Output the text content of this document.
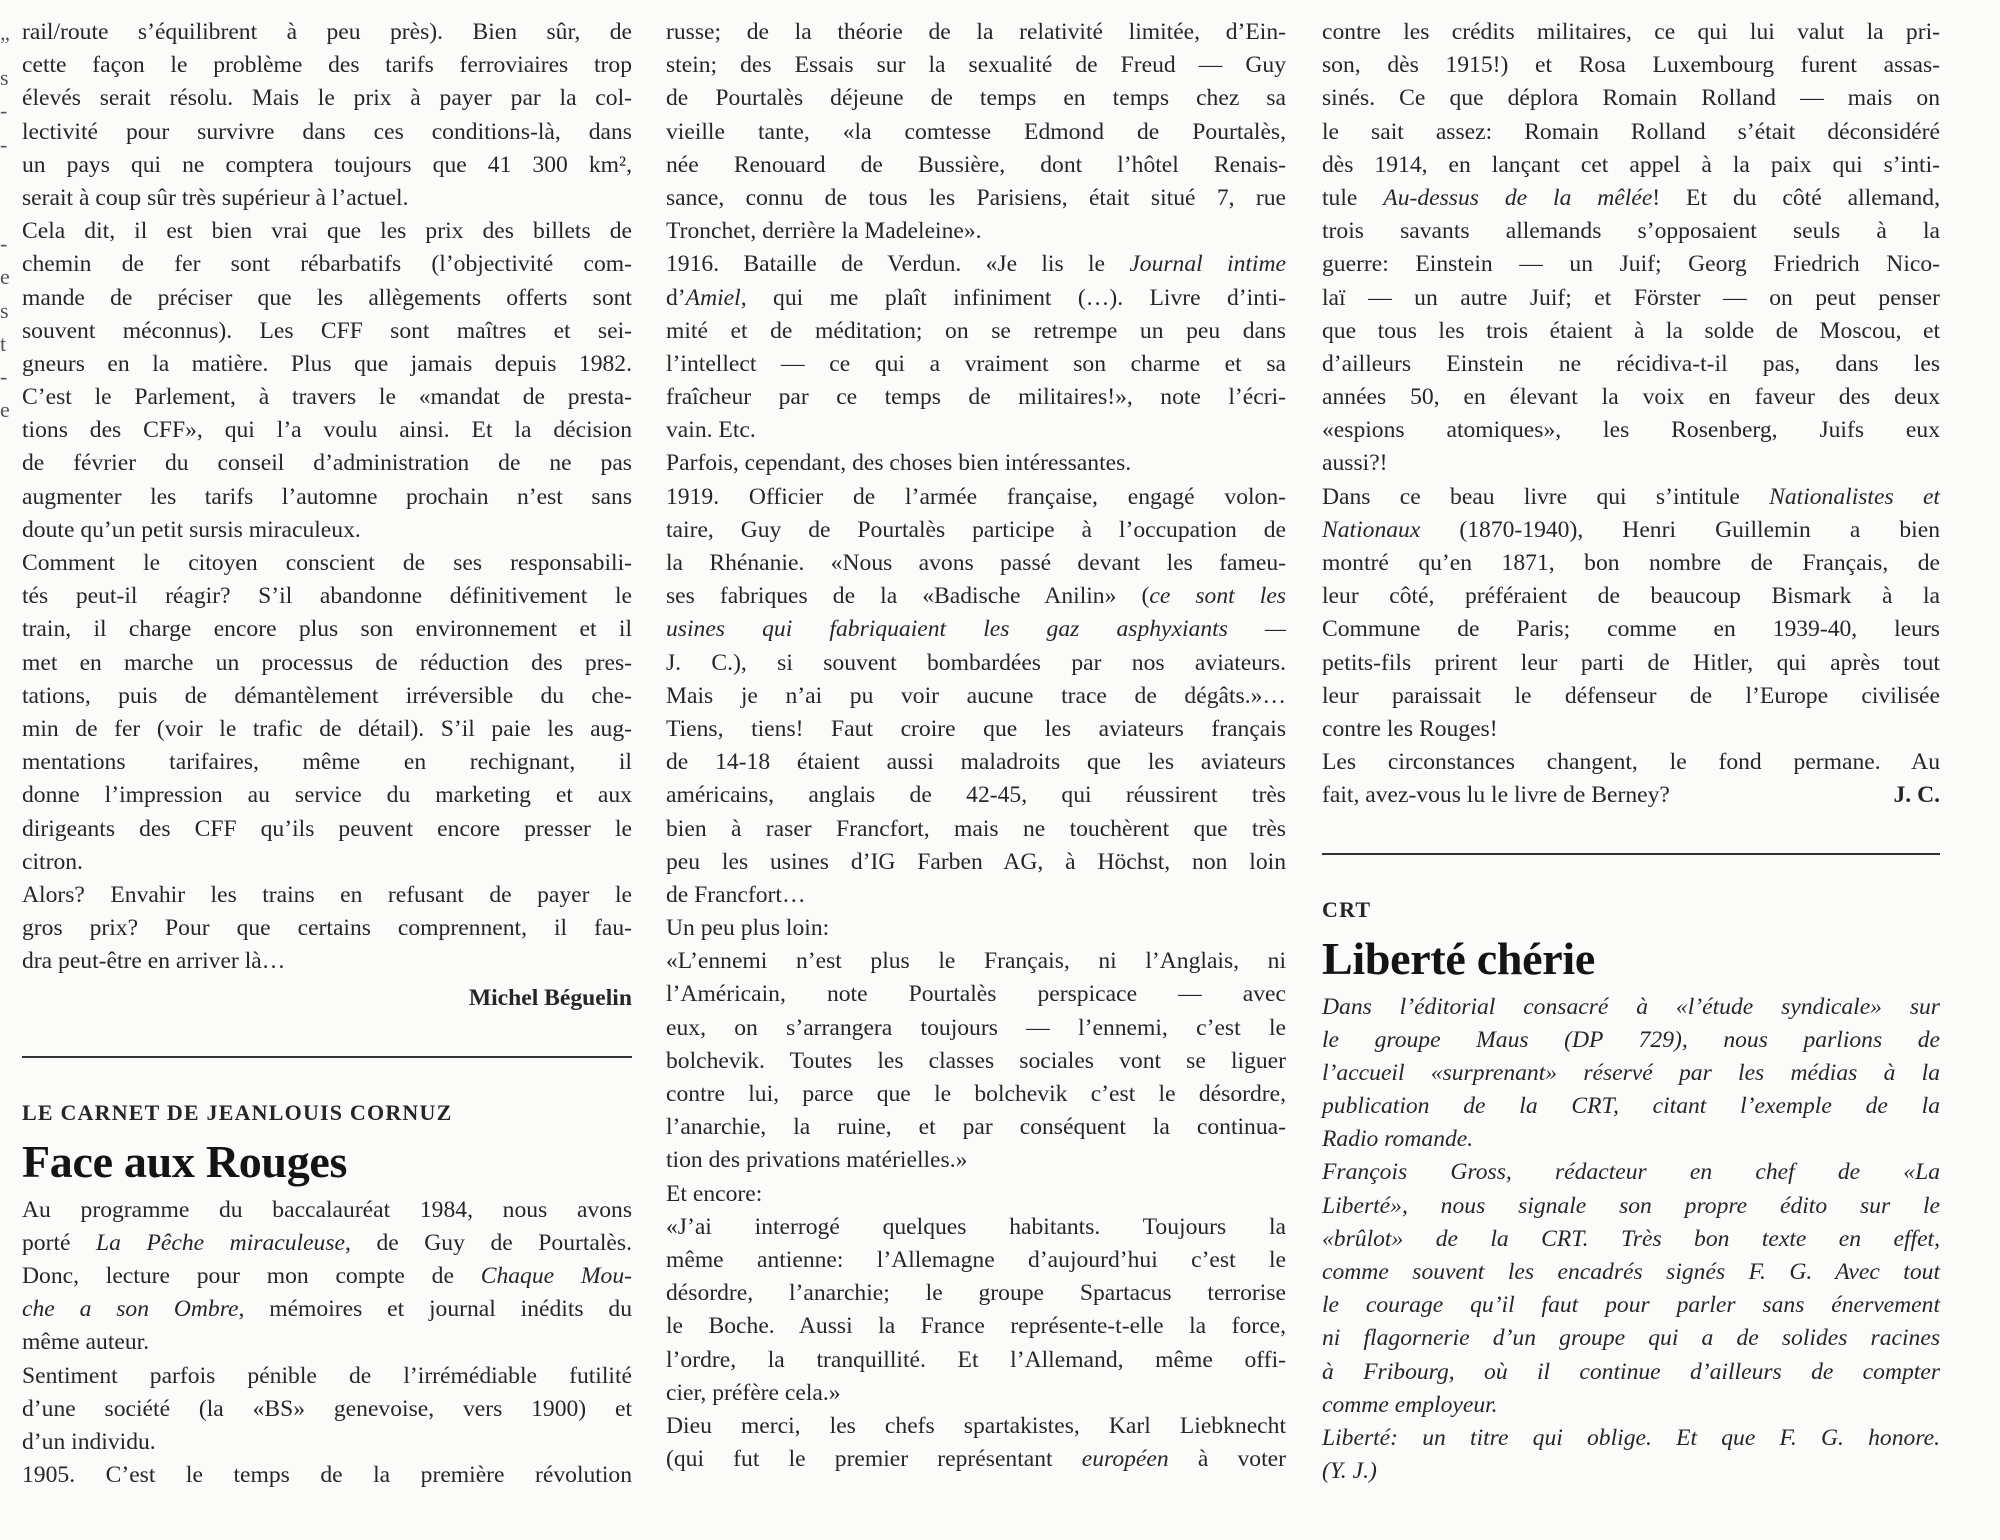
”
s
-
-
-
e
s
t
-
e
rail/route s’équilibrent à peu près). Bien sûr, de
cette façon le problème des tarifs ferroviaires trop
élevés serait résolu. Mais le prix à payer par la col-
lectivité pour survivre dans ces conditions-là, dans
un pays qui ne comptera toujours que 41 300 km²,
serait à coup sûr très supérieur à l’actuel.
Cela dit, il est bien vrai que les prix des billets de
chemin de fer sont rébarbatifs (l’objectivité com-
mande de préciser que les allègements offerts sont
souvent méconnus). Les CFF sont maîtres et sei-
gneurs en la matière. Plus que jamais depuis 1982.
C’est le Parlement, à travers le «mandat de presta-
tions des CFF», qui l’a voulu ainsi. Et la décision
de février du conseil d’administration de ne pas
augmenter les tarifs l’automne prochain n’est sans
doute qu’un petit sursis miraculeux.
Comment le citoyen conscient de ses responsabili-
tés peut-il réagir? S’il abandonne définitivement le
train, il charge encore plus son environnement et il
met en marche un processus de réduction des pres-
tations, puis de démantèlement irréversible du che-
min de fer (voir le trafic de détail). S’il paie les aug-
mentations tarifaires, même en rechignant, il
donne l’impression au service du marketing et aux
dirigeants des CFF qu’ils peuvent encore presser le
citron.
Alors? Envahir les trains en refusant de payer le
gros prix? Pour que certains comprennent, il fau-
dra peut-être en arriver là…
Michel Béguelin
LE CARNET DE JEANLOUIS CORNUZ
Face aux Rouges
Au programme du baccalauréat 1984, nous avons
porté La Pêche miraculeuse, de Guy de Pourtalès.
Donc, lecture pour mon compte de Chaque Mou-
che a son Ombre, mémoires et journal inédits du
même auteur.
Sentiment parfois pénible de l’irrémédiable futilité
d’une société (la «BS» genevoise, vers 1900) et
d’un individu.
1905. C’est le temps de la première révolution
russe; de la théorie de la relativité limitée, d’Ein-
stein; des Essais sur la sexualité de Freud — Guy
de Pourtalès déjeune de temps en temps chez sa
vieille tante, «la comtesse Edmond de Pourtalès,
née Renouard de Bussière, dont l’hôtel Renais-
sance, connu de tous les Parisiens, était situé 7, rue
Tronchet, derrière la Madeleine».
1916. Bataille de Verdun. «Je lis le Journal intime
d’Amiel, qui me plaît infiniment (…). Livre d’inti-
mité et de méditation; on se retrempe un peu dans
l’intellect — ce qui a vraiment son charme et sa
fraîcheur par ce temps de militaires!», note l’écri-
vain. Etc.
Parfois, cependant, des choses bien intéressantes.
1919. Officier de l’armée française, engagé volon-
taire, Guy de Pourtalès participe à l’occupation de
la Rhénanie. «Nous avons passé devant les fameu-
ses fabriques de la «Badische Anilin» (ce sont les
usines qui fabriquaient les gaz asphyxiants —
J. C.), si souvent bombardées par nos aviateurs.
Mais je n’ai pu voir aucune trace de dégâts.»…
Tiens, tiens! Faut croire que les aviateurs français
de 14-18 étaient aussi maladroits que les aviateurs
américains, anglais de 42-45, qui réussirent très
bien à raser Francfort, mais ne touchèrent que très
peu les usines d’IG Farben AG, à Höchst, non loin
de Francfort…
Un peu plus loin:
«L’ennemi n’est plus le Français, ni l’Anglais, ni
l’Américain, note Pourtalès perspicace — avec
eux, on s’arrangera toujours — l’ennemi, c’est le
bolchevik. Toutes les classes sociales vont se liguer
contre lui, parce que le bolchevik c’est le désordre,
l’anarchie, la ruine, et par conséquent la continua-
tion des privations matérielles.»
Et encore:
«J’ai interrogé quelques habitants. Toujours la
même antienne: l’Allemagne d’aujourd’hui c’est le
désordre, l’anarchie; le groupe Spartacus terrorise
le Boche. Aussi la France représente-t-elle la force,
l’ordre, la tranquillité. Et l’Allemand, même offi-
cier, préfère cela.»
Dieu merci, les chefs spartakistes, Karl Liebknecht
(qui fut le premier représentant européen à voter
contre les crédits militaires, ce qui lui valut la pri-
son, dès 1915!) et Rosa Luxembourg furent assas-
sinés. Ce que déplora Romain Rolland — mais on
le sait assez: Romain Rolland s’était déconsidéré
dès 1914, en lançant cet appel à la paix qui s’inti-
tule Au-dessus de la mêlée! Et du côté allemand,
trois savants allemands s’opposaient seuls à la
guerre: Einstein — un Juif; Georg Friedrich Nico-
laï — un autre Juif; et Förster — on peut penser
que tous les trois étaient à la solde de Moscou, et
d’ailleurs Einstein ne récidiva-t-il pas, dans les
années 50, en élevant la voix en faveur des deux
«espions atomiques», les Rosenberg, Juifs eux
aussi?!
Dans ce beau livre qui s’intitule Nationalistes et
Nationaux (1870-1940), Henri Guillemin a bien
montré qu’en 1871, bon nombre de Français, de
leur côté, préféraient de beaucoup Bismark à la
Commune de Paris; comme en 1939-40, leurs
petits-fils prirent leur parti de Hitler, qui après tout
leur paraissait le défenseur de l’Europe civilisée
contre les Rouges!
Les circonstances changent, le fond permane. Au
fait, avez-vous lu le livre de Berney?	J. C.
CRT
Liberté chérie
Dans l’éditorial consacré à «l’étude syndicale» sur
le groupe Maus (DP 729), nous parlions de
l’accueil «surprenant» réservé par les médias à la
publication de la CRT, citant l’exemple de la
Radio romande.
François Gross, rédacteur en chef de «La
Liberté», nous signale son propre édito sur le
«brûlot» de la CRT. Très bon texte en effet,
comme souvent les encadrés signés F. G. Avec tout
le courage qu’il faut pour parler sans énervement
ni flagornerie d’un groupe qui a de solides racines
à Fribourg, où il continue d’ailleurs de compter
comme employeur.
Liberté: un titre qui oblige. Et que F. G. honore.
(Y. J.)
